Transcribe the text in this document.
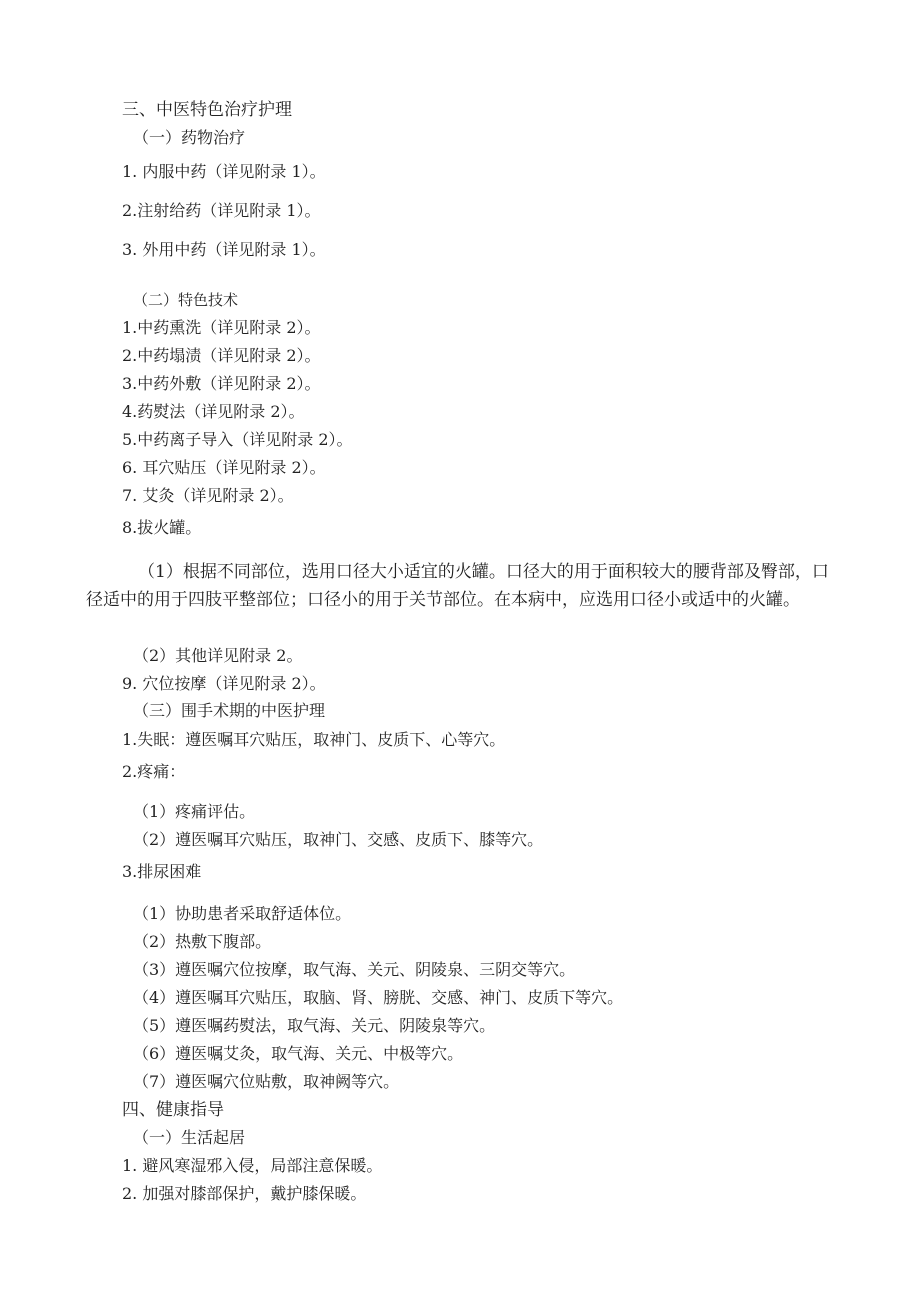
三、中医特色治疗护理
（一）药物治疗
1. 内服中药（详见附录 1）。
2.注射给药（详见附录 1）。
3. 外用中药（详见附录 1）。
（二）特色技术
1.中药熏洗（详见附录 2）。
2.中药塌渍（详见附录 2）。
3.中药外敷（详见附录 2）。
4.药熨法（详见附录 2）。
5.中药离子导入（详见附录 2）。
6. 耳穴贴压（详见附录 2）。
7. 艾灸（详见附录 2）。
8.拔火罐。
（1）根据不同部位，选用口径大小适宜的火罐。口径大的用于面积较大的腰背部及臀部，口径适中的用于四肢平整部位；口径小的用于关节部位。在本病中，应选用口径小或适中的火罐。
（2）其他详见附录 2。
9. 穴位按摩（详见附录 2）。
（三）围手术期的中医护理
1.失眠：遵医嘱耳穴贴压，取神门、皮质下、心等穴。
2.疼痛：
（1）疼痛评估。
（2）遵医嘱耳穴贴压，取神门、交感、皮质下、膝等穴。
3.排尿困难
（1）协助患者采取舒适体位。
（2）热敷下腹部。
（3）遵医嘱穴位按摩，取气海、关元、阴陵泉、三阴交等穴。
（4）遵医嘱耳穴贴压，取脑、肾、膀胱、交感、神门、皮质下等穴。
（5）遵医嘱药熨法，取气海、关元、阴陵泉等穴。
（6）遵医嘱艾灸，取气海、关元、中极等穴。
（7）遵医嘱穴位贴敷，取神阙等穴。
四、健康指导
（一）生活起居
1. 避风寒湿邪入侵，局部注意保暖。
2. 加强对膝部保护，戴护膝保暖。
